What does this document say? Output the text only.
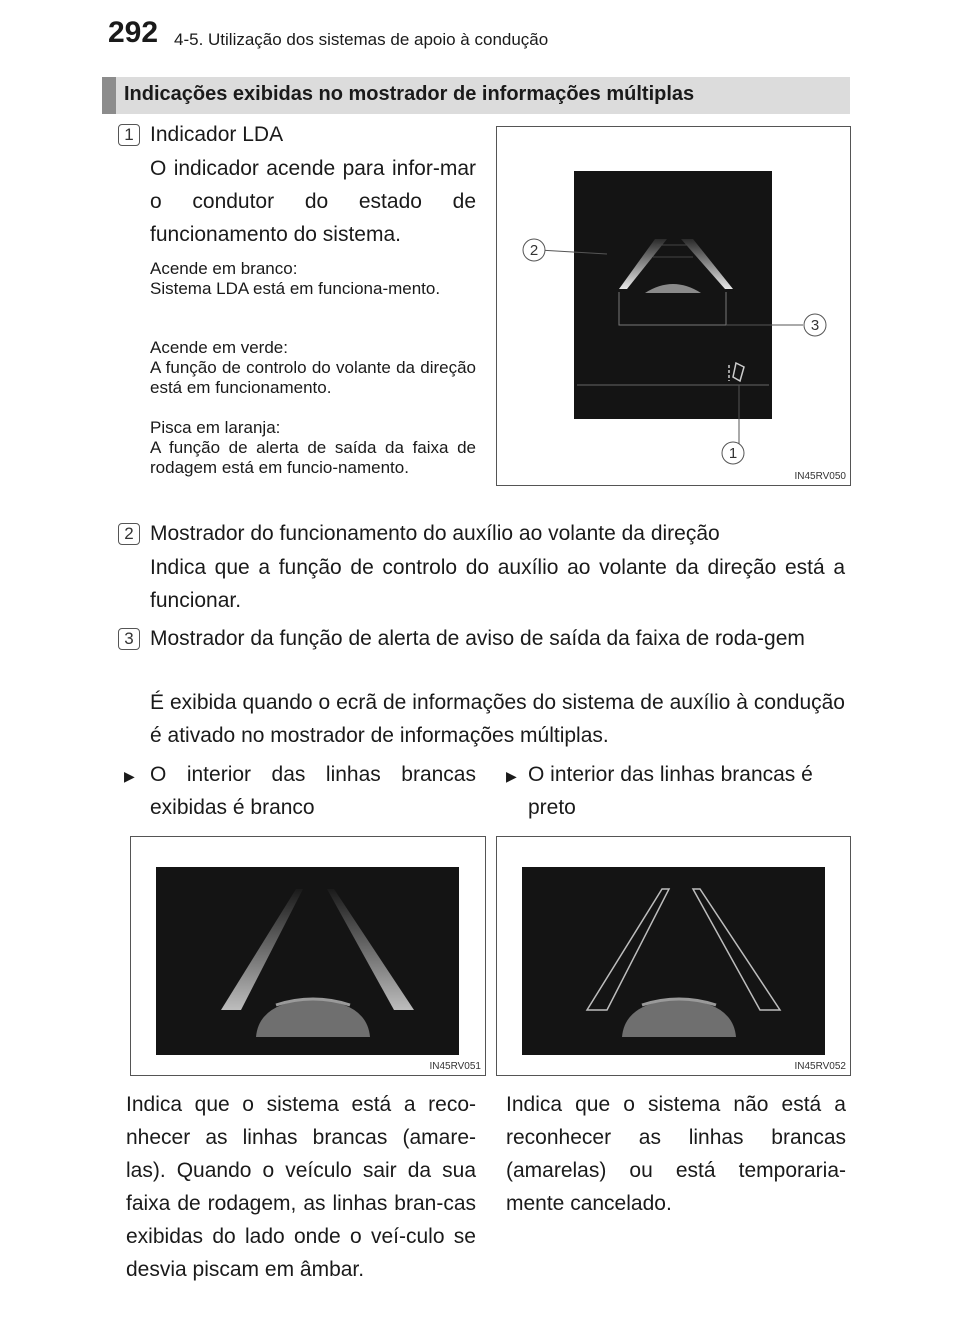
292 4-5. Utilização dos sistemas de apoio à condução
Indicações exibidas no mostrador de informações múltiplas
1 Indicador LDA
O indicador acende para infor-mar o condutor do estado de funcionamento do sistema.
Acende em branco:
Sistema LDA está em funciona-mento.
Acende em verde:
A função de controlo do volante da direção está em funcionamento.
Pisca em laranja:
A função de alerta de saída da faixa de rodagem está em funcio-namento.
2
3
1
IN45RV050
2 Mostrador do funcionamento do auxílio ao volante da direção
Indica que a função de controlo do auxílio ao volante da direção está a funcionar.
3 Mostrador da função de alerta de aviso de saída da faixa de roda-gem
É exibida quando o ecrã de informações do sistema de auxílio à condução é ativado no mostrador de informações múltiplas.
▶ O interior das linhas brancas exibidas é branco
▶ O interior das linhas brancas é preto
IN45RV051	IN45RV052
Indica que o sistema está a reco-nhecer as linhas brancas (amare-las). Quando o veículo sair da sua faixa de rodagem, as linhas bran-cas exibidas do lado onde o veí-culo se desvia piscam em âmbar.
Indica que o sistema não está a reconhecer as linhas brancas (amarelas) ou está temporaria-mente cancelado.
